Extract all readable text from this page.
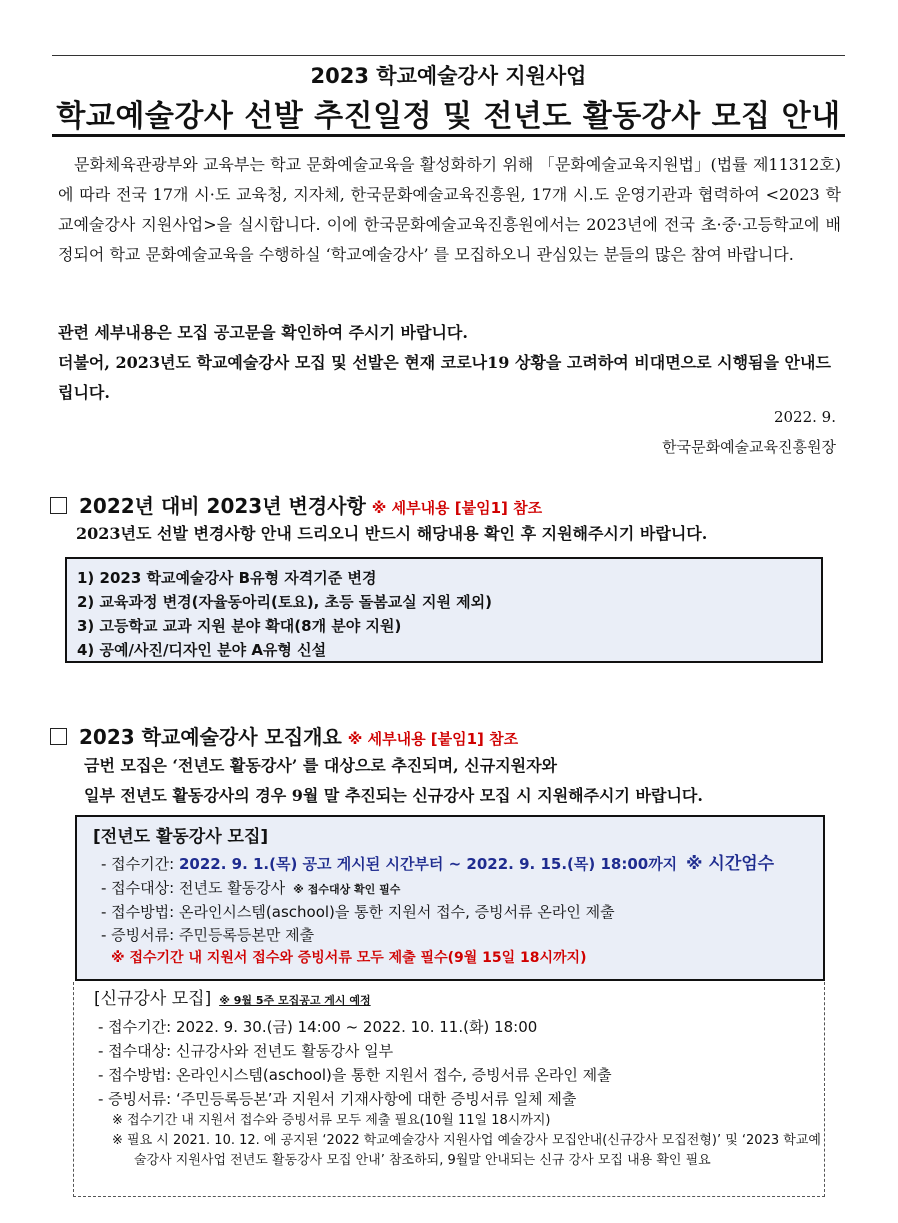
2023 학교예술강사 지원사업
학교예술강사 선발 추진일정 및 전년도 활동강사 모집 안내
문화체육관광부와 교육부는 학교 문화예술교육을 활성화하기 위해 「문화예술교육지원법」(법률 제11312호)에 따라 전국 17개 시·도 교육청, 지자체, 한국문화예술교육진흥원, 17개 시.도 운영기관과 협력하여 <2023 학교예술강사 지원사업>을 실시합니다. 이에 한국문화예술교육진흥원에서는 2023년에 전국 초·중·고등학교에 배정되어 학교 문화예술교육을 수행하실 ‘학교예술강사’ 를 모집하오니 관심있는 분들의 많은 참여 바랍니다.
관련 세부내용은 모집 공고문을 확인하여 주시기 바랍니다.
더불어, 2023년도 학교예술강사 모집 및 선발은 현재 코로나19 상황을 고려하여 비대면으로 시행됨을 안내드립니다.
2022. 9.
한국문화예술교육진흥원장
2022년 대비 2023년 변경사항 ※ 세부내용 [붙임1] 참조
2023년도 선발 변경사항 안내 드리오니 반드시 해당내용 확인 후 지원해주시기 바랍니다.
1) 2023 학교예술강사 B유형 자격기준 변경
2) 교육과정 변경(자율동아리(토요), 초등 돌봄교실 지원 제외)
3) 고등학교 교과 지원 분야 확대(8개 분야 지원)
4) 공예/사진/디자인 분야 A유형 신설
2023 학교예술강사 모집개요 ※ 세부내용 [붙임1] 참조
금번 모집은 ‘전년도 활동강사’ 를 대상으로 추진되며, 신규지원자와
일부 전년도 활동강사의 경우 9월 말 추진되는 신규강사 모집 시 지원해주시기 바랍니다.
[전년도 활동강사 모집]
- 접수기간: 2022. 9. 1.(목) 공고 게시된 시간부터 ~ 2022. 9. 15.(목) 18:00까지 ※ 시간엄수
- 접수대상: 전년도 활동강사 ※ 접수대상 확인 필수
- 접수방법: 온라인시스템(aschool)을 통한 지원서 접수, 증빙서류 온라인 제출
- 증빙서류: 주민등록등본만 제출
※ 접수기간 내 지원서 접수와 증빙서류 모두 제출 필수(9월 15일 18시까지)
[신규강사 모집] ※ 9월 5주 모집공고 게시 예정
- 접수기간: 2022. 9. 30.(금) 14:00 ~ 2022. 10. 11.(화) 18:00
- 접수대상: 신규강사와 전년도 활동강사 일부
- 접수방법: 온라인시스템(aschool)을 통한 지원서 접수, 증빙서류 온라인 제출
- 증빙서류: ‘주민등록등본’과 지원서 기재사항에 대한 증빙서류 일체 제출
※ 접수기간 내 지원서 접수와 증빙서류 모두 제출 필요(10월 11일 18시까지)
※ 필요 시 2021. 10. 12. 에 공지된 ‘2022 학교예술강사 지원사업 예술강사 모집안내(신규강사 모집전형)’ 및 ‘2023 학교예술강사 지원사업 전년도 활동강사 모집 안내’ 참조하되, 9월말 안내되는 신규 강사 모집 내용 확인 필요
